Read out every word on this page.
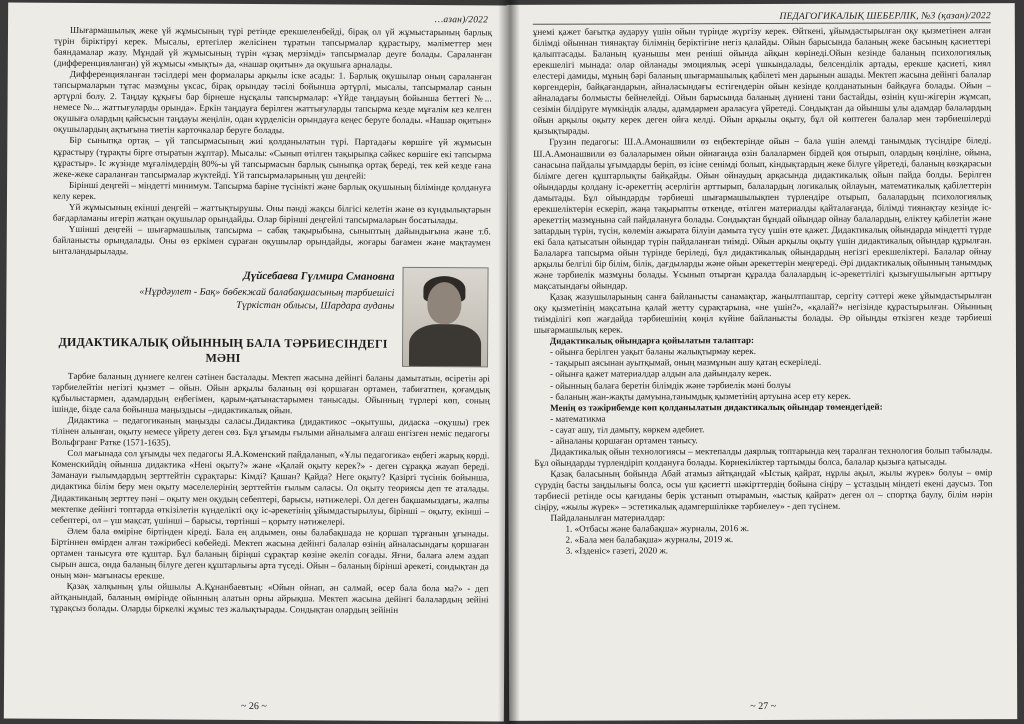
…азан)/2022

Шығармашылық жеке үй жұмысының түрі ретінде ерекшеленбейді, бірақ ол үй жұмыстарының барлық түрін біріктіруі керек. Мысалы, ертегілер желісінен тұратын тапсырмалар құрастыру, мәліметтер мен баяндамалар жазу. Мұндай үй жұмысының түрін «ұзақ мерзімді» тапсырмалар деуге болады. Сараланған (дифференцияланған) үй жұмысы «мықты» да, «нашар оқитын» да оқушыға арналады.

Дифференцияланған тәсілдері мен формалары арқылы іске асады: 1. Барлық оқушылар оның сараланған тапсырмаларын тұтас мазмұны үксас, бірақ орындау тәсілі бойынша әртүрлі, мысалы, тапсырмалар санын әртүрлі болу. 2. Таңдау құқығы бар бірнеше нұсқалы тапсырмалар: «Үйде таңдауың бойынша беттегі №... немесе №... жаттығуларды орында». Еркін таңдауға берілген жаттығуларды тапсырма кезде мұғалім кез келген оқушыға олардың қайсысын таңдауы жеңілін, одан күрделісін орындауға кеңес беруге болады. «Нашар оқитын» оқушылардың ақтығына тиетін карточкалар беруге болады.

Бір сыныпқа ортақ – үй тапсырмасының жиі қолданылатын түрі. Партадағы көршіге үй жұмысын құрастыру (тұрақты бірге отыратын жұптар). Мысалы: «Сынып өтілген тақырыпқа сәйкес көршіге екі тапсырма құрастыр». Іс жүзінде мұғалімдердің 80%-ы үй тапсырмасын барлық сыныпқа ортақ береді, тек кей кезде ғана жеке-жеке сараланған тапсырмалар жүктейді. Үй тапсырмаларының үш деңгейі:

Бірінші деңгейі – міндетті минимум. Тапсырма баріне түсінікті және барлық оқушының білімінде қолдануға келу керек.

Үй жұмысының екінші деңгейі – жаттықтырушы. Оны пәнді жақсы білгісі келетін және өз күндылықтарын бағдарламаны игеріп жатқан оқушылар орындайды. Олар бірінші деңгейлі тапсырмаларын босатылады.

Үшінші деңгейі – шығармашылық тапсырма – сабақ тақырыбына, сыныптың дайындығына және т.б. байланысты орындалады. Оны өз еркімен сұраған оқушылар орындайды, жоғары бағамен және мақтаумен ынталандырылады.

Дүйсебаева Гүлмира Смановна
«Нұрдәулет - Бақ» бөбекжай балабақшасының тәрбиешісі
Түркістан облысы, Шардара ауданы
ДИДАКТИКАЛЫҚ ОЙЫННЫҢ БАЛА ТӘРБИЕСІНДЕГІ МӘНІ

Тәрбие баланың дүниеге келген сәтінен басталады. Мектеп жасына дейінгі баланы дамытатын, өсіретін әрі тәрбиелейтін негізгі қызмет – ойын. Ойын арқылы баланың өзі қоршаған ортамен, табиғатпен, қоғамдық құбылыстармен, адамдардың еңбегімен, қарым-қатынастарымен танысады. Ойынның түрлері көп, соның ішінде, бізде сала бойынша маңыздысы –дидактикалық ойын.

Дидактика – педагогиканың маңызды саласы.Дидактика (дидактикос –оқытушы, дидаска –оқушы) грек тілінен алынған, оқыту немесе үйрету деген сөз. Бұл ұғымды ғылыми айналымға алғаш енгізген неміс педагогы Вольфгранг Ратке (1571-1635).

Сол мағынада сол ұғымды чех педагогы Я.А.Коменский пайдаланып, «Ұлы педагогика» еңбегі жарық көрді. Коменскийдің ойынша дидактика «Нені оқыту?» және «Қалай оқыту керек?» - деген сұраққа жауап береді. Заманауи ғылымдардың зерттейтін сұрақтары: Кімді? Қашан? Қайда? Неге оқыту? Қазіргі түсінік бойынша, дидактика білім беру мен оқыту мәселелерінің зерттейтін ғылым саласы. Ол оқыту теориясы деп те аталады. Дидактиканың зерттеу пәні – оқыту мен оқудың себептері, барысы, нәтижелері. Ол деген бақшамыздағы, жалпы мектепке дейінгі топтарда өткізілетін күнделікті оқу іс-әрекетінің ұйымдастырылуы, бірінші – оқыту, екінші – себептері, ол – үш мақсат, үшінші – барысы, төртінші – қорыту нәтижелері.

Әлем бала өміріне біртінден кіреді. Бала ең алдымен, оны балабақшада не қоршап тұрғанын ұғынады. Біртіннен өмірден алған тәжірибесі көбейеді. Мектеп жасына дейінгі балалар өзінің айналасындағы қоршаған ортамен танысуға өте құштар. Бұл баланың біріңші сұрақтар көзіне әкеліп соғады. Яғни, балаға әлем аздап сырын ашса, онда баланың білуге деген құштарлығы арта түседі. Ойын – баланың бірінші әрекеті, сондықтан да оның мән- мағынасы ерекше.

Қазақ халқының ұлы ойшылы А.Құнанбаевтың: «Ойын ойнап, ән салмай, өсер бала бола ма?» - деп айтқанындай, баланың өмірінде ойынның алатын орны айрықша. Мектеп жасына дейінгі балалардың зейіні тұрақсыз болады. Оларды біркелкі жұмыс тез жалықтырады. Сондықтан олардың зейінін

~ 26 ~
ПЕДАГОГИКАЛЫҚ ШЕБЕРЛІК, №3 (қазан)/2022

ұнемі қажет бағытқа аударуу үшін ойын түрінде жүргізу керек. Өйткені, ұйымдастырылған оқу қызметінен алған білімді ойыннан тиянақтау білімнің беріктігіне негіз қалайды. Ойын барысында баланың жеке басының қасиеттері қалыптасады. Баланың қуанышы мен реніші ойында айқын көрінеді.Ойын кезінде баланың психологиялық ерекшелігі мынада: олар ойланады эмоциялық әсері үшкындалады, белсенділік артады, ерекше қасиеті, киял елестері дамиды, мұның бәрі баланың шығармашылық қабілеті мен дарынын ашады. Мектеп жасына дейінгі балалар көргендерін, байқағандарын, айналасындағы естігендерін ойын кезінде қолданатынын байқауға болады. Ойын – айналадағы болмысты бейнелейді. Ойын барысында баланың дүниені тани бастайды, өзінің күш-жігерін жұмсап, сезімін білдіруге мүмкіндік алады, адамдармен араласуға үйретеді. Сондықтан да ойыншы ұлы адамдар балалардың ойын арқылы оқыту керек деген ойға келді. Ойын арқылы оқыту, бұл ой көптеген балалар мен тәрбиешілерді қызықтырады.

Грузин педагогы: Ш.А.Амонашвили өз еңбектерінде ойын – бала үшін әлемді танымдық түсіндіре біледі. Ш.А.Амонашвили өз балаларымен ойын ойнағанда өзін балалармен бірдей қоя отырып, олардың көңіліне, ойына, санасына пайдалы ұғымдарды беріп, өз ісіне сенімді болып, кіндықтардың жеке білуге үйретеді, баланың көзқарасын білімге деген құштарлықты байқайды. Ойын ойнаудың арқасында дидактикалық ойын пайда болды. Берілген ойындарды қолдану іс-әрекеттің әсерлігін арттырып, балалардың логикалық ойлауын, математикалық қабілеттерін дамытады. Бұл ойындарды тәрбиеші шығармашылықпен түрлендіре отырып, балалардың психологиялық ерекшеліктерін ескеріп, жаңа тақырыпты өткенде, өтілген материалды қайталағанда, білімді тиянақтау кезінде іс-әрекеттің мазмұнына сай пайдалануға болады. Сондықтан бұндай ойындар ойнау балалардың, еліктеу қабілетін және зattардың түрін, түсін, көлемін ажырата білуін дамыта түсу үшін өте қажет. Дидактикалық ойындарда міндетті түрде екі бала қатысатын ойындар түрін пайдаланған тиімді. Ойын арқылы оқыту үшін дидактикалық ойындар құрылған. Балаларға тапсырма ойын түрінде беріледі, бұл дидактикалық ойындардың негізгі ерекшеліктері. Балалар ойнау арқылы белгілі бір білім, білік, дағдыларды және ойын әрекеттерін меңгереді. Әрі дидактикалық ойынның танымдық және тәрбиелік мазмұны болады. Ұсынып отырған құралда балалардың іс-әрекеттілігі қызығушылығын арттыру мақсатындағы ойындар.

Қазақ жазушыларының санға байланысты санамақтар, жаңылтпаштар, сергіту сәттері жеке ұйымдастырылған оқу қызметінің мақсатына қалай жетту сұрақтарына, «не үшін?», «қалай?» негізінде құрастырылған. Ойынның тиімділігі көп жағдайда тәрбиешінің көңіл күйіне байланысты болады. Әр ойыңды өткізген кезде тәрбиеші шығармашылық керек.

Дидактикалық ойындарға қойылатын талаптар:

- ойынға берілген уақыт баланы жалықтырмау керек.
- тақырып аясынан ауытқымай, оның мазмұнын ашу қатаң ескеріледі.
- ойынға қажет материалдар алдын ала дайындалу керек.
- ойынның балаға беретін білімдік және тәрбиелік мәні болуы
- баланың жан-жақты дамуына,танымдық қызметінің артуына әсер ету керек.

Менің өз тәжірибемде көп қолданылатын дидактикалық ойындар төмендегідей:

- математикма
- сауат ашу, тіл дамыту, көркем әдебиет.
- айналаны қоршаған ортамен танысу.

Дидактикалық ойын технологиясы – мектепалды даярлық топтарында кең таралған технология болып табылады. Бұл ойындарды түрлендіріп қолдануға болады. Көрнекіліктер тартымды болса, балалар қызыға қатысады.

Қазақ баласының бойында Абай атамыз айтқандай «Ыстық қайрат, нұрлы ақыл, жылы жүрек» болуы – өмір сүрудің басты заңдылығы болса, осы үш қасиетті шәкірттердің бойына сіңіру – ұстаздың міндеті екені даусыз. Тоn тәрбиесіі ретінде осы қағиданы берік ұстанып отырамын, «ыстық қайрат» деген ол – спортқа баулу, білім нәрін сіңіру, «жылы жүрек» – эстетикалық адамгершілікке тәрбиелеу» - деп түсінем.

Пайдаланылған материалдар:

1. «Отбасы және балабақша» журналы, 2016 ж.
2. «Бала мен балабақша» журналы, 2019 ж.
3. «Ізденіс» газеті, 2020 ж.
~ 27 ~
